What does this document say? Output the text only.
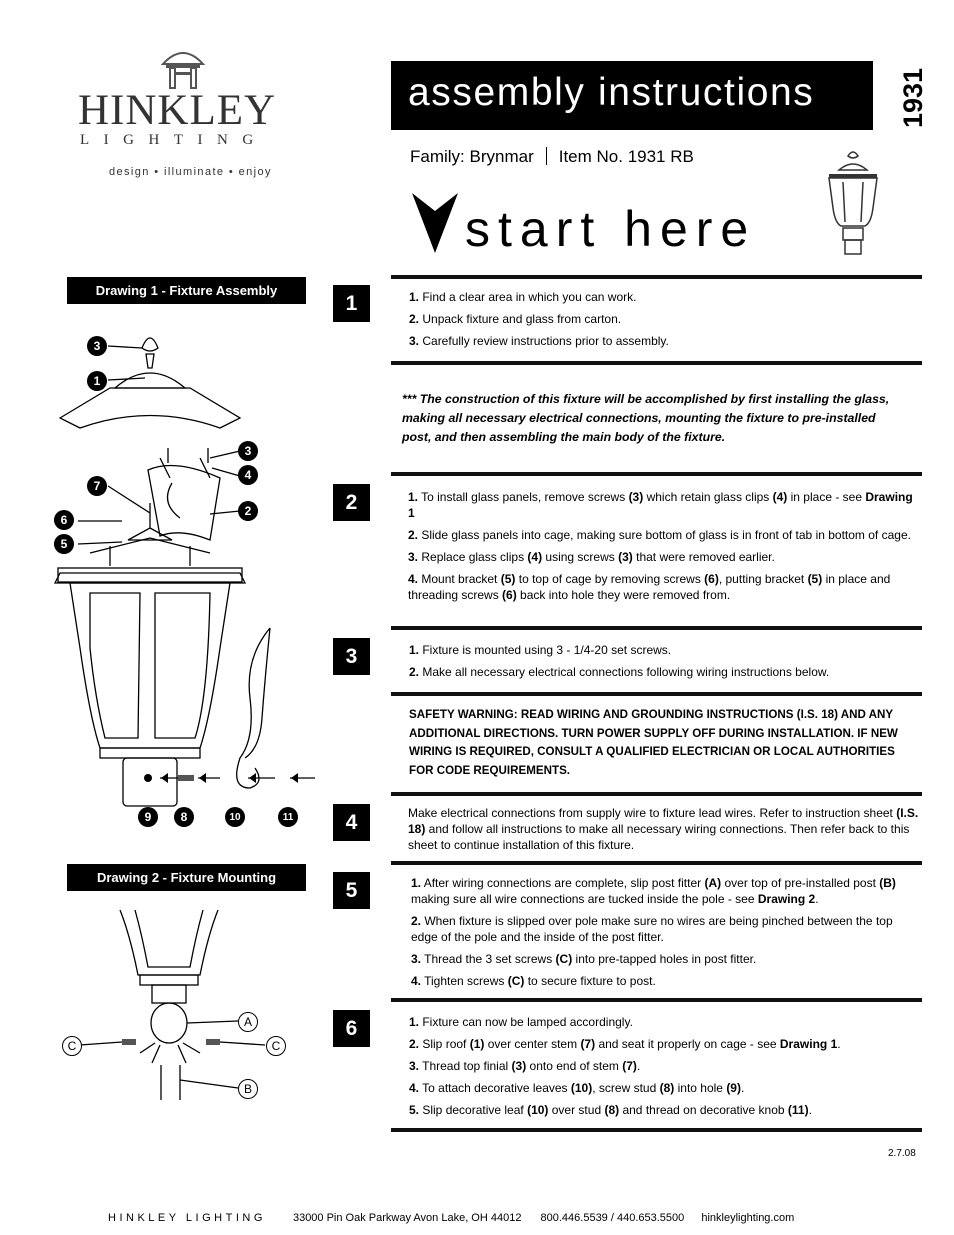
HINKLEY
LIGHTING
design • illuminate • enjoy
assembly instructions	1931
Family: Brynmar Item No. 1931 RB
start here
Drawing 1 - Fixture Assembly
3
1
3
4
7
2
6
5
9	8	10	11
Drawing 2 - Fixture Mounting
A
C	C
B
1	1. Find a clear area in which you can work.

2. Unpack fixture and glass from carton.

3. Carefully review instructions prior to assembly.

*** The construction of this fixture will be accomplished by first installing the glass, making all necessary electrical connections, mounting the fixture to pre-installed post, and then assembling the main body of the fixture.
2	1. To install glass panels, remove screws (3) which retain glass clips (4) in place - see Drawing 1

2. Slide glass panels into cage, making sure bottom of glass is in front of tab in bottom of cage.

3. Replace glass clips (4) using screws (3) that were removed earlier.

4. Mount bracket (5) to top of cage by removing screws (6), putting bracket (5) in place and threading screws (6) back into hole they were removed from.

3	1. Fixture is mounted using 3 - 1/4-20 set screws.

2. Make all necessary electrical connections following wiring instructions below.

SAFETY WARNING: READ WIRING AND GROUNDING INSTRUCTIONS (I.S. 18) AND ANY ADDITIONAL DIRECTIONS. TURN POWER SUPPLY OFF DURING INSTALLATION. IF NEW WIRING IS REQUIRED, CONSULT A QUALIFIED ELECTRICIAN OR LOCAL AUTHORITIES FOR CODE REQUIREMENTS.
4	Make electrical connections from supply wire to fixture lead wires. Refer to instruction sheet (I.S. 18) and follow all instructions to make all necessary wiring connections. Then refer back to this sheet to continue installation of this fixture.

5	1. After wiring connections are complete, slip post fitter (A) over top of pre-installed post (B) making sure all wire connections are tucked inside the pole - see Drawing 2.

2. When fixture is slipped over pole make sure no wires are being pinched between the top edge of the pole and the inside of the post fitter.

3. Thread the 3 set screws (C) into pre-tapped holes in post fitter.

4. Tighten screws (C) to secure fixture to post.

6	1. Fixture can now be lamped accordingly.

2. Slip roof (1) over center stem (7) and seat it properly on cage - see Drawing 1.

3. Thread top finial (3) onto end of stem (7).

4. To attach decorative leaves (10), screw stud (8) into hole (9).

5. Slip decorative leaf (10) over stud (8) and thread on decorative knob (11).

2.7.08
HINKLEY LIGHTING 33000 Pin Oak Parkway Avon Lake, OH 44012 800.446.5539 / 440.653.5500 hinkleylighting.com
